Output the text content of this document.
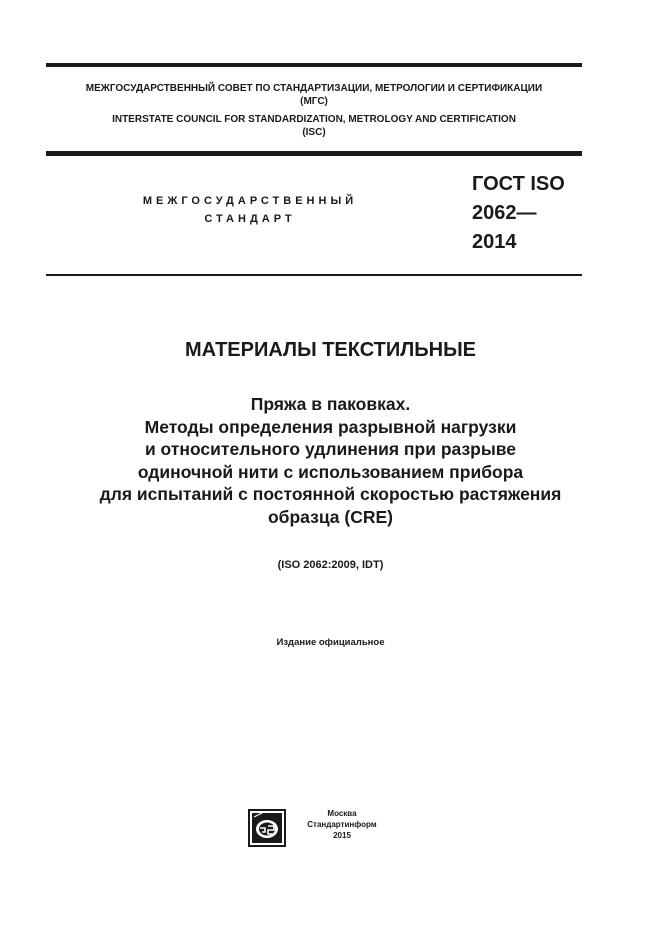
МЕЖГОСУДАРСТВЕННЫЙ СОВЕТ ПО СТАНДАРТИЗАЦИИ, МЕТРОЛОГИИ И СЕРТИФИКАЦИИ
(МГС)
INTERSTATE COUNCIL FOR STANDARDIZATION, METROLOGY AND CERTIFICATION
(ISC)
МЕЖГОСУДАРСТВЕННЫЙ
СТАНДАРТ
ГОСТ ISO
2062—
2014
МАТЕРИАЛЫ ТЕКСТИЛЬНЫЕ
Пряжа в паковках.
Методы определения разрывной нагрузки
и относительного удлинения при разрыве
одиночной нити с использованием прибора
для испытаний с постоянной скоростью растяжения
образца (CRE)
(ISO 2062:2009, IDT)
Издание официальное
Москва
Стандартинформ
2015
